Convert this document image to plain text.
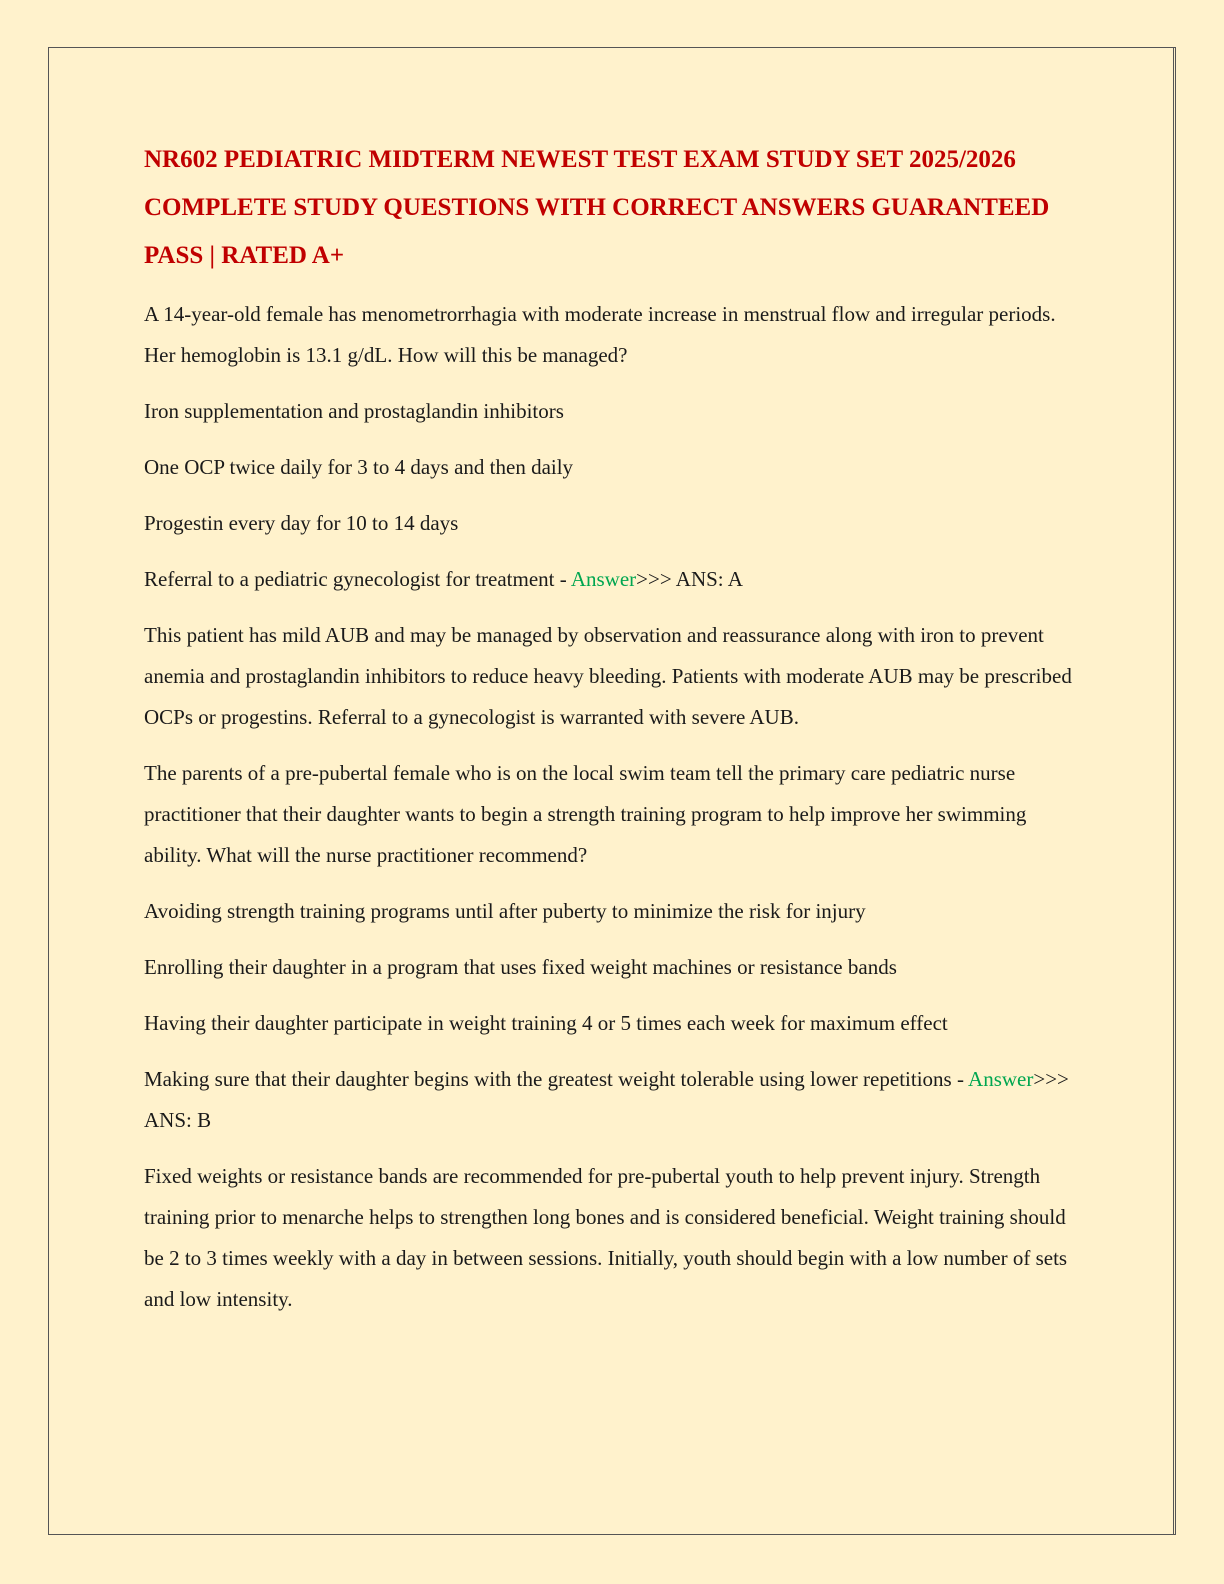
NR602 PEDIATRIC MIDTERM NEWEST TEST EXAM STUDY SET 2025/2026 COMPLETE STUDY QUESTIONS WITH CORRECT ANSWERS GUARANTEED PASS | RATED A+

A 14-year-old female has menometrorrhagia with moderate increase in menstrual flow and irregular periods. Her hemoglobin is 13.1 g/dL. How will this be managed?

Iron supplementation and prostaglandin inhibitors

One OCP twice daily for 3 to 4 days and then daily

Progestin every day for 10 to 14 days

Referral to a pediatric gynecologist for treatment - Answer>>> ANS: A

This patient has mild AUB and may be managed by observation and reassurance along with iron to prevent anemia and prostaglandin inhibitors to reduce heavy bleeding. Patients with moderate AUB may be prescribed OCPs or progestins. Referral to a gynecologist is warranted with severe AUB.

The parents of a pre-pubertal female who is on the local swim team tell the primary care pediatric nurse practitioner that their daughter wants to begin a strength training program to help improve her swimming ability. What will the nurse practitioner recommend?

Avoiding strength training programs until after puberty to minimize the risk for injury

Enrolling their daughter in a program that uses fixed weight machines or resistance bands

Having their daughter participate in weight training 4 or 5 times each week for maximum effect

Making sure that their daughter begins with the greatest weight tolerable using lower repetitions - Answer>>> ANS: B

Fixed weights or resistance bands are recommended for pre-pubertal youth to help prevent injury. Strength training prior to menarche helps to strengthen long bones and is considered beneficial. Weight training should be 2 to 3 times weekly with a day in between sessions. Initially, youth should begin with a low number of sets and low intensity.
